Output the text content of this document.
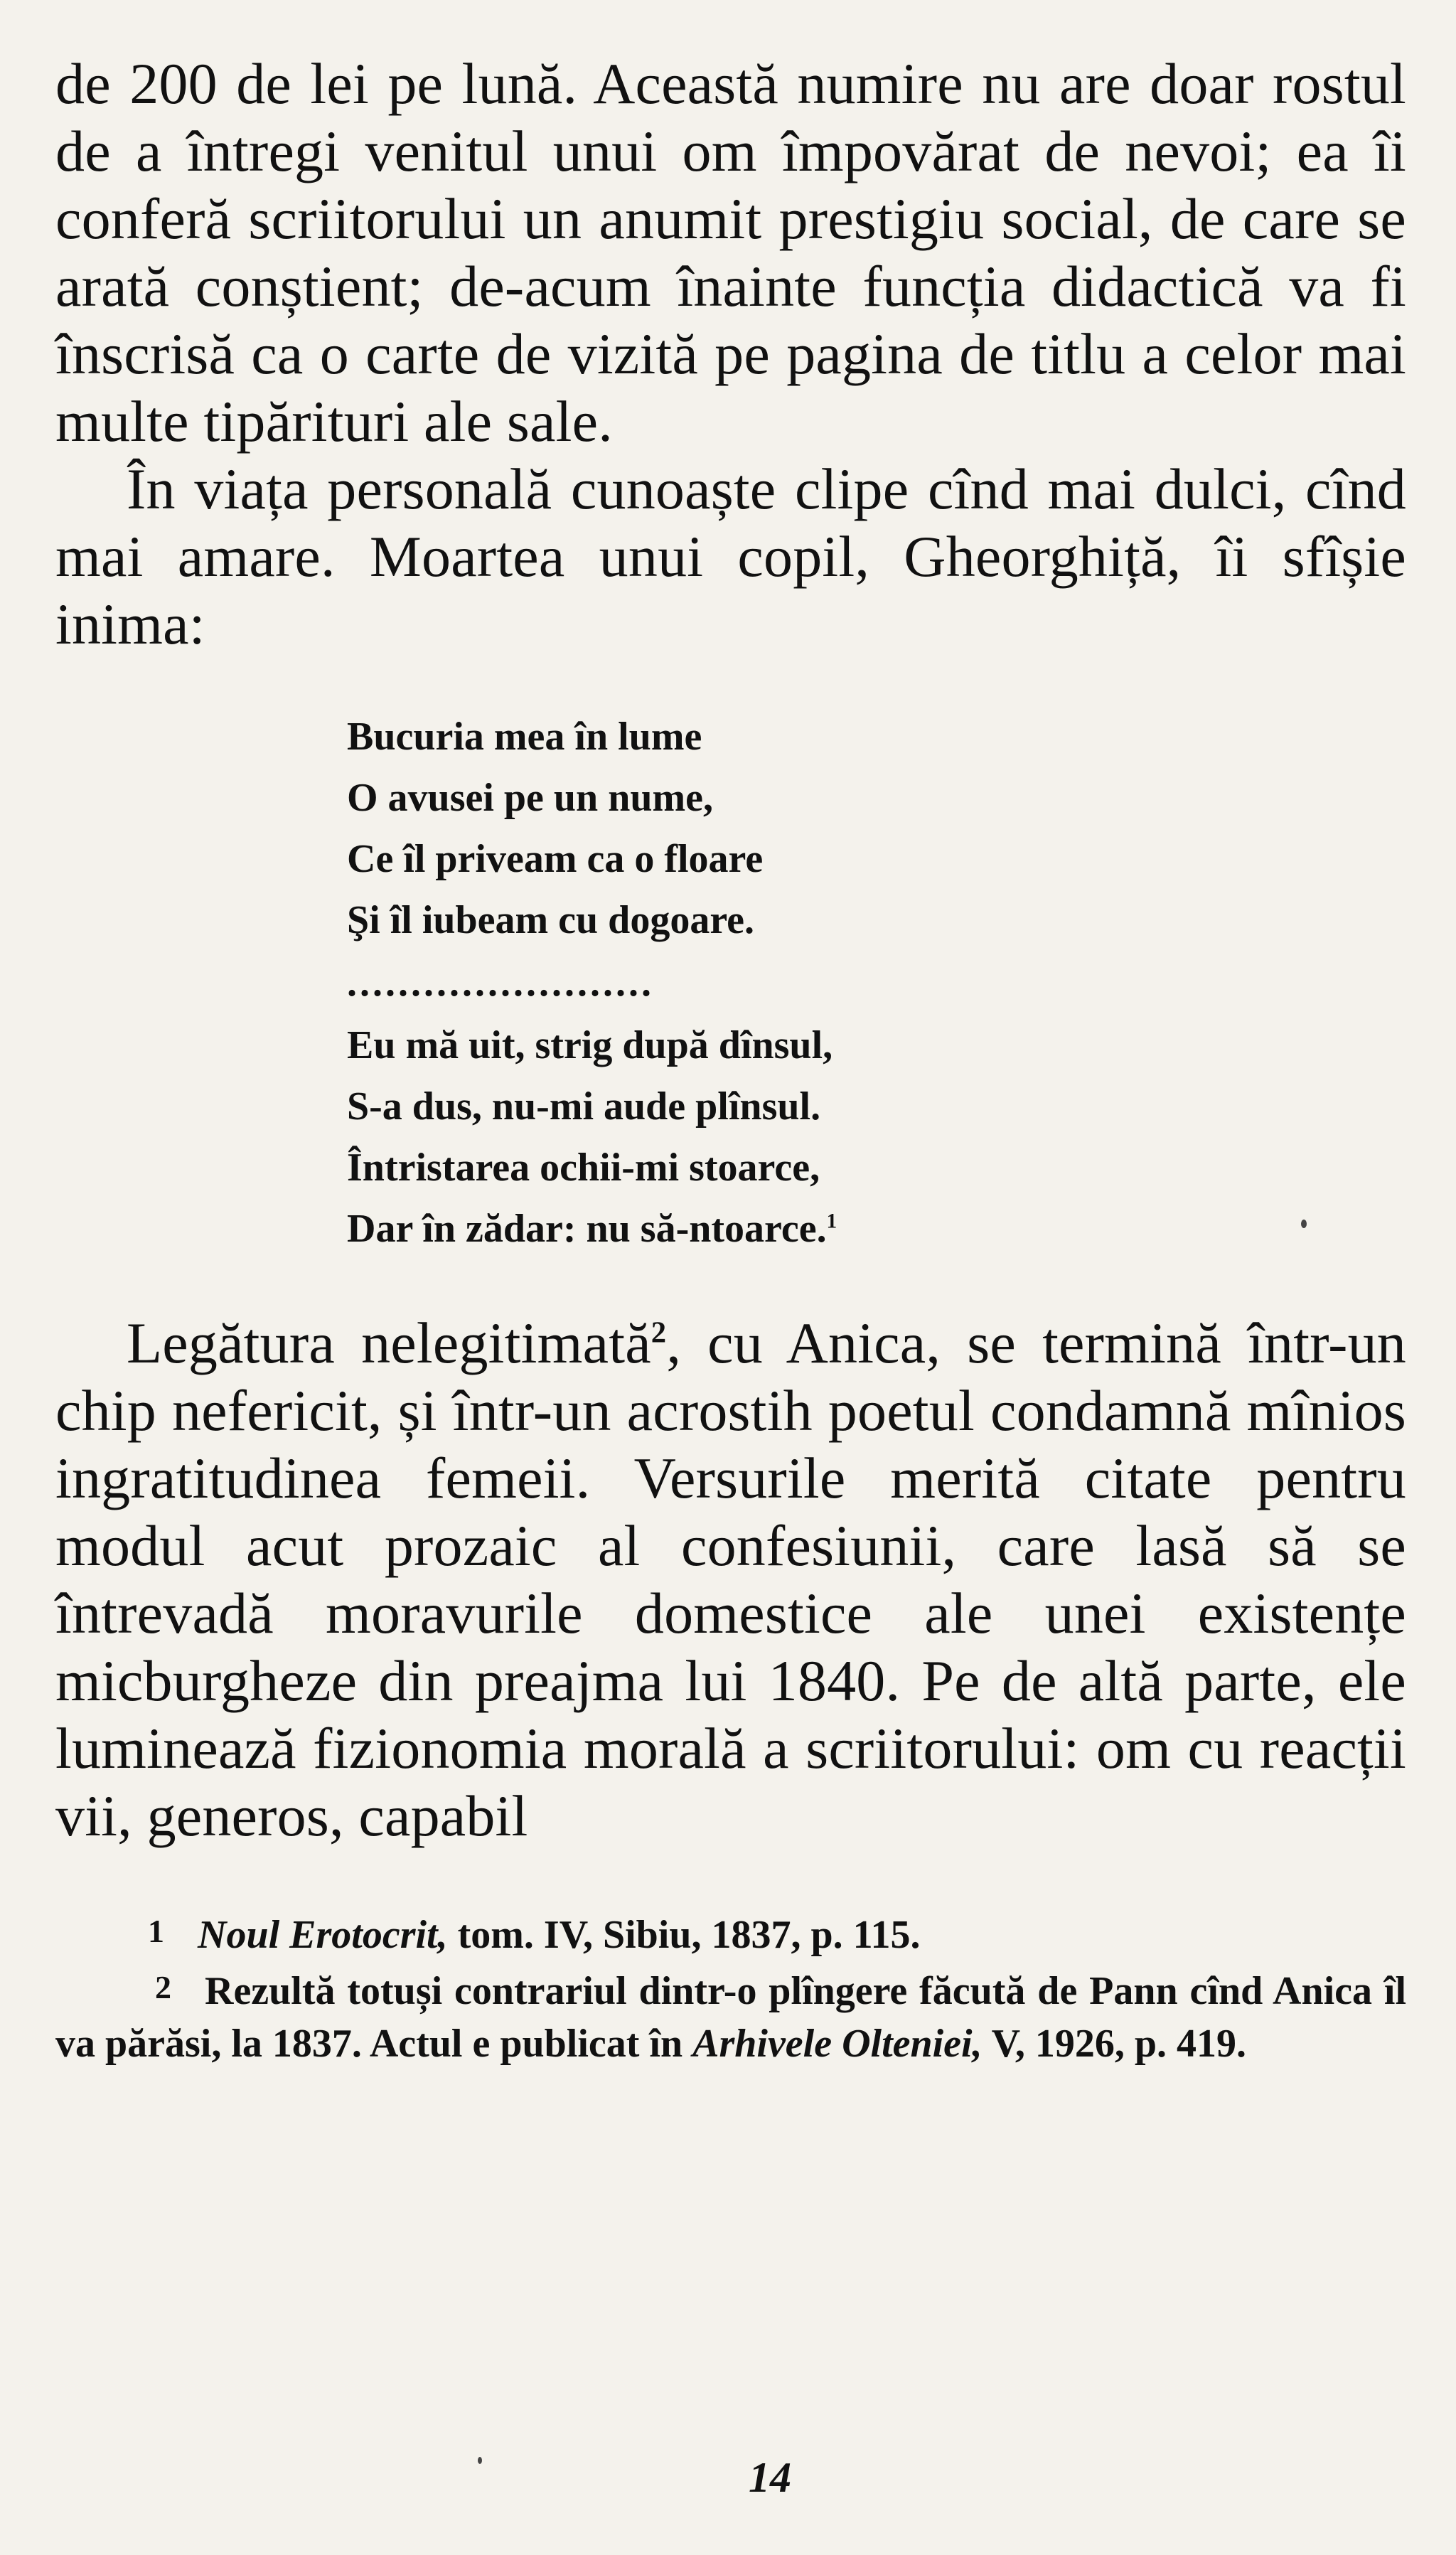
de 200 de lei pe lună. Această numire nu are doar rostul de a întregi venitul unui om împovărat de nevoi; ea îi conferă scriitorului un anumit prestigiu social, de care se arată conștient; de-acum înainte funcția didactică va fi înscrisă ca o carte de vizită pe pagina de titlu a celor mai multe tipărituri ale sale.
În viața personală cunoaște clipe cînd mai dulci, cînd mai amare. Moartea unui copil, Gheorghiță, îi sfîșie inima:

Bucuria mea în lume
O avusei pe un nume,
Ce îl priveam ca o floare
Şi îl iubeam cu dogoare.
........................
Eu mă uit, strig după dînsul,
S-a dus, nu-mi aude plînsul.
Întristarea ochii-mi stoarce,
Dar în zădar: nu să-ntoarce.$^1$

Legătura nelegitimată$^2$, cu Anica, se termină într-un chip nefericit, și într-un acrostih poetul condamnă mînios ingratitudinea femeii. Versurile merită citate pentru modul acut prozaic al confesiunii, care lasă să se întrevadă moravurile domestice ale unei existențe micburgheze din preajma lui 1840. Pe de altă parte, ele luminează fizionomia morală a scriitorului: om cu reacții vii, generos, capabil

1 Noul Erotocrit, tom. IV, Sibiu, 1837, p. 115.

2 Rezultă totuși contrariul dintr-o plîngere făcută de Pann cînd Anica îl va părăsi, la 1837. Actul e publicat în Arhivele Olteniei, V, 1926, p. 419.

14
